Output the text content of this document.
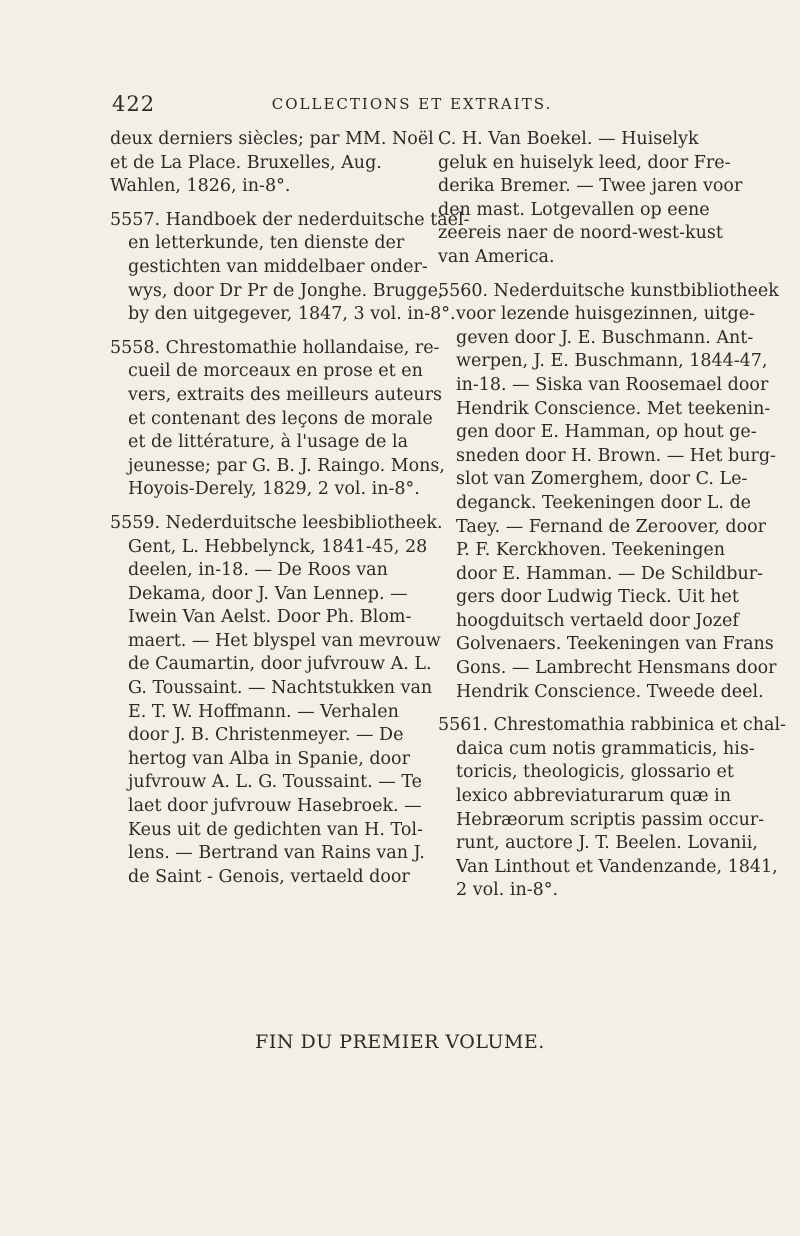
422	COLLECTIONS ET EXTRAITS.
deux derniers siècles; par MM. Noël
et de La Place. Bruxelles, Aug.
Wahlen, 1826, in-8°.
5557. Handboek der nederduitsche tael-
en letterkunde, ten dienste der
gestichten van middelbaer onder-
wys, door Dr Pr de Jonghe. Brugge,
by den uitgegever, 1847, 3 vol. in-8°.
5558. Chrestomathie hollandaise, re-
cueil de morceaux en prose et en
vers, extraits des meilleurs auteurs
et contenant des leçons de morale
et de littérature, à l'usage de la
jeunesse; par G. B. J. Raingo. Mons,
Hoyois-Derely, 1829, 2 vol. in-8°.
5559. Nederduitsche leesbibliotheek.
Gent, L. Hebbelynck, 1841-45, 28
deelen, in-18. — De Roos van
Dekama, door J. Van Lennep. —
Iwein Van Aelst. Door Ph. Blom-
maert. — Het blyspel van mevrouw
de Caumartin, door jufvrouw A. L.
G. Toussaint. — Nachtstukken van
E. T. W. Hoffmann. — Verhalen
door J. B. Christenmeyer. — De
hertog van Alba in Spanie, door
jufvrouw A. L. G. Toussaint. — Te
laet door jufvrouw Hasebroek. —
Keus uit de gedichten van H. Tol-
lens. — Bertrand van Rains van J.
de Saint - Genois, vertaeld door
C. H. Van Boekel. — Huiselyk
geluk en huiselyk leed, door Fre-
derika Bremer. — Twee jaren voor
den mast. Lotgevallen op eene
zeereis naer de noord-west-kust
van America.
5560. Nederduitsche kunstbibliotheek
voor lezende huisgezinnen, uitge-
geven door J. E. Buschmann. Ant-
werpen, J. E. Buschmann, 1844-47,
in-18. — Siska van Roosemael door
Hendrik Conscience. Met teekenin-
gen door E. Hamman, op hout ge-
sneden door H. Brown. — Het burg-
slot van Zomerghem, door C. Le-
deganck. Teekeningen door L. de
Taey. — Fernand de Zeroover, door
P. F. Kerckhoven. Teekeningen
door E. Hamman. — De Schildbur-
gers door Ludwig Tieck. Uit het
hoogduitsch vertaeld door Jozef
Golvenaers. Teekeningen van Frans
Gons. — Lambrecht Hensmans door
Hendrik Conscience. Tweede deel.
5561. Chrestomathia rabbinica et chal-
daica cum notis grammaticis, his-
toricis, theologicis, glossario et
lexico abbreviaturarum quæ in
Hebræorum scriptis passim occur-
runt, auctore J. T. Beelen. Lovanii,
Van Linthout et Vandenzande, 1841,
2 vol. in-8°.
FIN DU PREMIER VOLUME.
